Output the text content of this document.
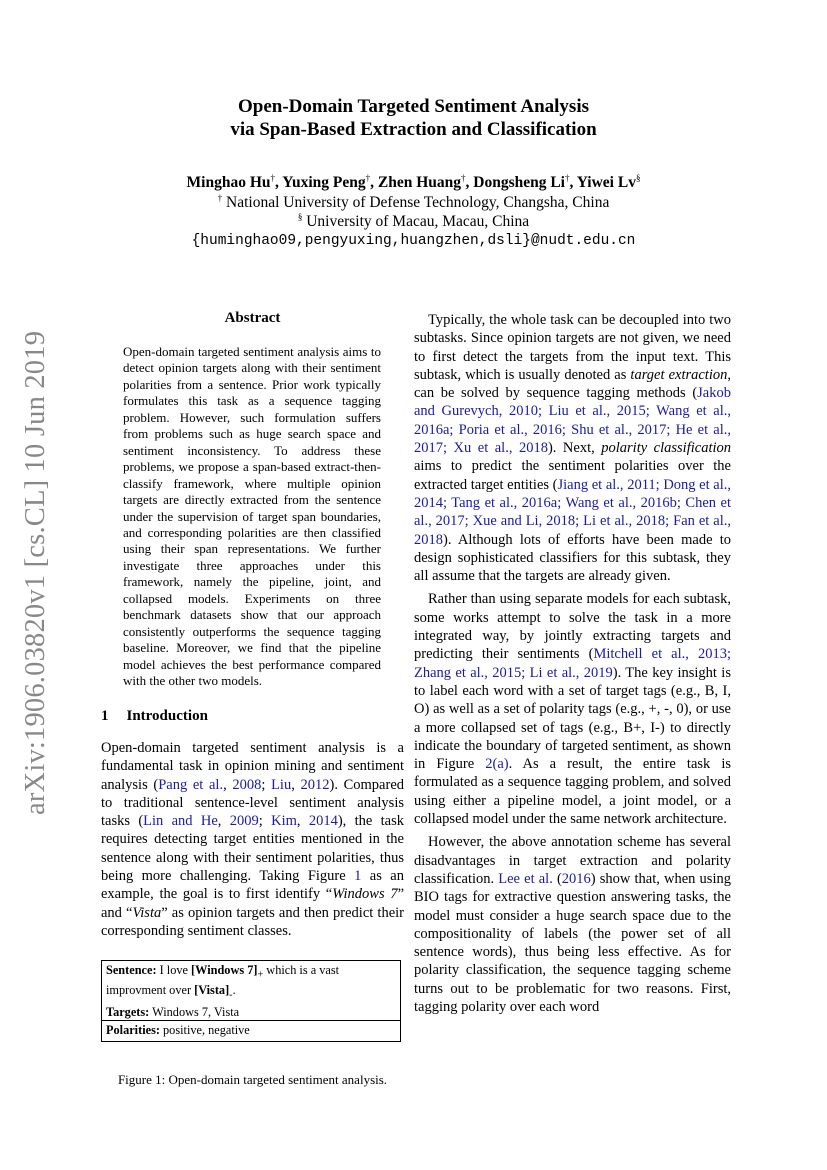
arXiv:1906.03820v1 [cs.CL] 10 Jun 2019
Open-Domain Targeted Sentiment Analysis
via Span-Based Extraction and Classification
Minghao Hu†, Yuxing Peng†, Zhen Huang†, Dongsheng Li†, Yiwei Lv§
† National University of Defense Technology, Changsha, China
§ University of Macau, Macau, China
{huminghao09,pengyuxing,huangzhen,dsli}@nudt.edu.cn
Abstract
Open-domain targeted sentiment analysis aims to detect opinion targets along with their sentiment polarities from a sentence. Prior work typically formulates this task as a sequence tagging problem. However, such formulation suffers from problems such as huge search space and sentiment inconsistency. To address these problems, we propose a span-based extract-then-classify framework, where multiple opinion targets are directly extracted from the sentence under the supervision of target span boundaries, and corresponding polarities are then classified using their span representations. We further investigate three approaches under this framework, namely the pipeline, joint, and collapsed models. Experiments on three benchmark datasets show that our approach consistently outperforms the sequence tagging baseline. Moreover, we find that the pipeline model achieves the best performance compared with the other two models.
1 Introduction

Open-domain targeted sentiment analysis is a fundamental task in opinion mining and sentiment analysis (Pang et al., 2008; Liu, 2012). Compared to traditional sentence-level sentiment analysis tasks (Lin and He, 2009; Kim, 2014), the task requires detecting target entities mentioned in the sentence along with their sentiment polarities, thus being more challenging. Taking Figure 1 as an example, the goal is to first identify “Windows 7” and “Vista” as opinion targets and then predict their corresponding sentiment classes.

Typically, the whole task can be decoupled into two subtasks. Since opinion targets are not given, we need to first detect the targets from the input text. This subtask, which is usually denoted as target extraction, can be solved by sequence tagging methods (Jakob and Gurevych, 2010; Liu et al., 2015; Wang et al., 2016a; Poria et al., 2016; Shu et al., 2017; He et al., 2017; Xu et al., 2018). Next, polarity classification aims to predict the sentiment polarities over the extracted target entities (Jiang et al., 2011; Dong et al., 2014; Tang et al., 2016a; Wang et al., 2016b; Chen et al., 2017; Xue and Li, 2018; Li et al., 2018; Fan et al., 2018). Although lots of efforts have been made to design sophisticated classifiers for this subtask, they all assume that the targets are already given.

Rather than using separate models for each subtask, some works attempt to solve the task in a more integrated way, by jointly extracting targets and predicting their sentiments (Mitchell et al., 2013; Zhang et al., 2015; Li et al., 2019). The key insight is to label each word with a set of target tags (e.g., B, I, O) as well as a set of polarity tags (e.g., +, -, 0), or use a more collapsed set of tags (e.g., B+, I-) to directly indicate the boundary of targeted sentiment, as shown in Figure 2(a). As a result, the entire task is formulated as a sequence tagging problem, and solved using either a pipeline model, a joint model, or a collapsed model under the same network architecture.

However, the above annotation scheme has several disadvantages in target extraction and polarity classification. Lee et al. (2016) show that, when using BIO tags for extractive question answering tasks, the model must consider a huge search space due to the compositionality of labels (the power set of all sentence words), thus being less effective. As for polarity classification, the sequence tagging scheme turns out to be problematic for two reasons. First, tagging polarity over each word

Sentence: I love [Windows $7]_+$ which is a vast improvment over $[Vista]_-$.
Targets: Windows 7, Vista
Polarities: positive, negative
Figure 1: Open-domain targeted sentiment analysis.
